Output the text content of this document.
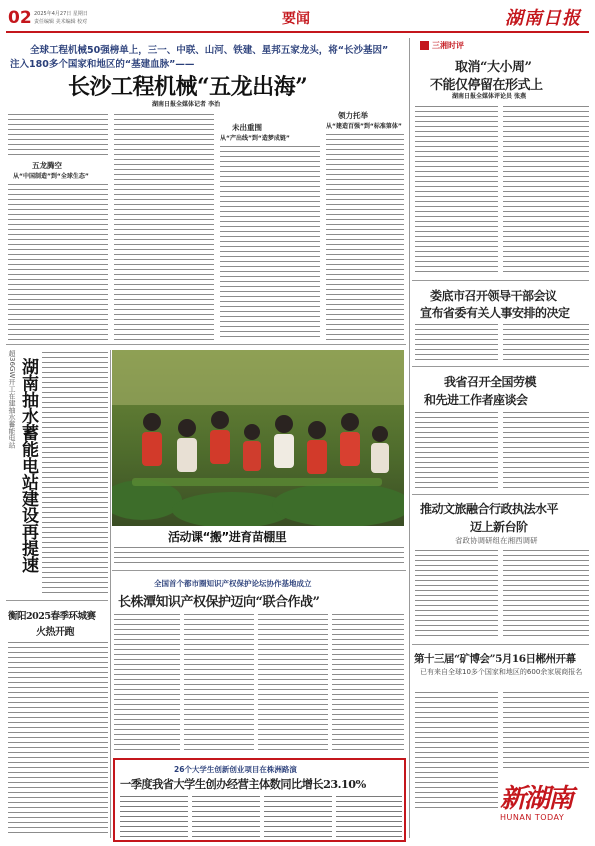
02 2025年4月27日 星期日
责任编辑 美术编辑 校对	要闻	湖南日报
全球工程机械50强榜单上，三一、中联、山河、铁建、星邦五家龙头，将“长沙基因”
注入180多个国家和地区的“基建血脉”——
长沙工程机械“五龙出海”
湖南日报全媒体记者 李治
五龙腾空
从“中国制造”到“全球生态”
未出重围
从“产出线”到“造梦成链”
领力托举
从“建造百强”到“标准第体”
三湘时评
取消“大小周”
不能仅停留在形式上
湖南日报全媒体评论员 张燕
娄底市召开领导干部会议
宣布省委有关人事安排的决定
我省召开全国劳模
和先进工作者座谈会
推动文旅融合行政执法水平
迈上新台阶
省政协调研组在湘西调研
第十三届“矿博会”5月16日郴州开幕
已有来自全球10多个国家和地区的600余家展商报名
新湖南
HUNAN TODAY
超36GW开工在建抽水蓄能电站 湖南抽水蓄能电站建设再提速	活动课“搬”进育苗棚里
衡阳2025春季环城赛
火热开跑
全国首个都市圈知识产权保护论坛协作基地成立
长株潭知识产权保护迈向“联合作战”
26个大学生创新创业项目在株洲路演
一季度我省大学生创办经营主体数同比增长23.10%
